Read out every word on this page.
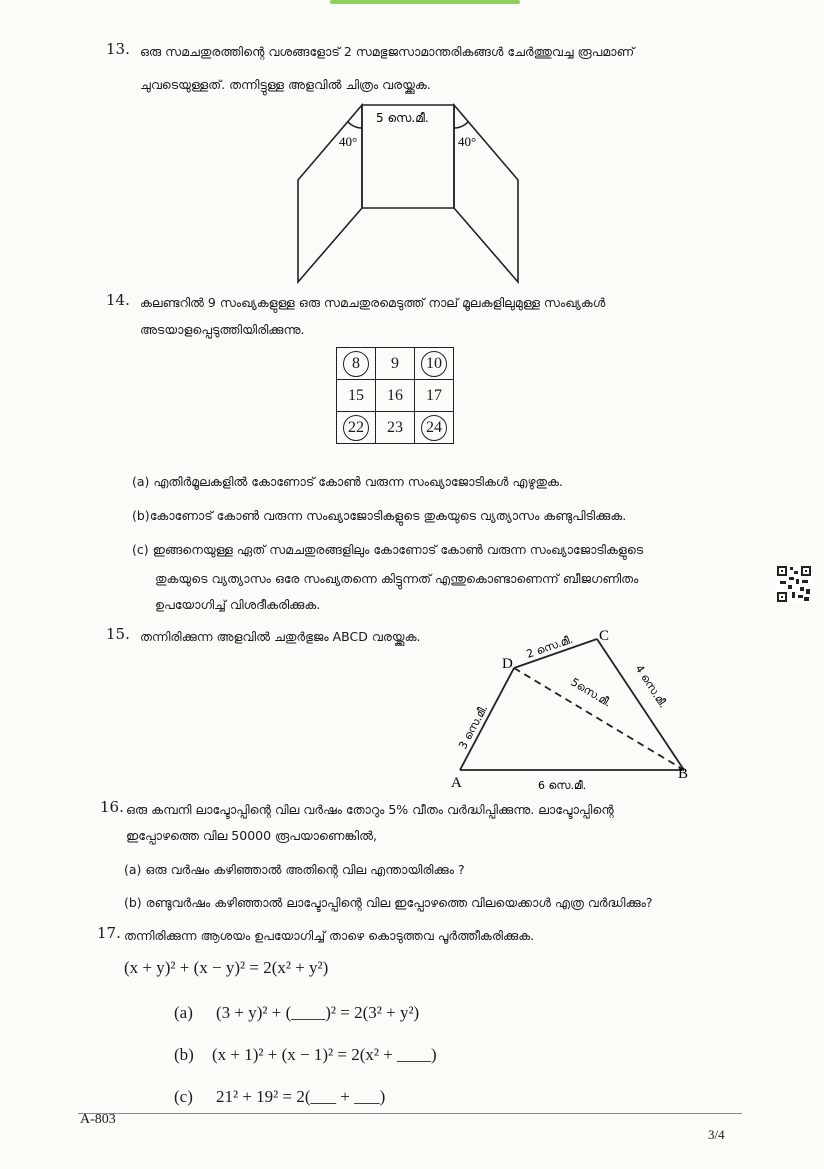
13. ഒരു സമചതുരത്തിന്റെ വശങ്ങളോട് 2 സമഭുജസാമാന്തരികങ്ങൾ ചേർത്തുവച്ച രൂപമാണ്
ചുവടെയുള്ളത്. തന്നിട്ടുള്ള അളവിൽ ചിത്രം വരയ്ക്കുക.
5 സെ.മീ.
40°	40°
14. കലണ്ടറിൽ 9 സംഖ്യകളുള്ള ഒരു സമചതുരമെടുത്ത് നാല് മൂലകളിലുമുള്ള സംഖ്യകൾ
അടയാളപ്പെടുത്തിയിരിക്കുന്നു.
8	9	10
15	16	17
22	23	24
(a) എതിർമൂലകളിൽ കോണോട് കോൺ വരുന്ന സംഖ്യാജോടികൾ എഴുതുക.
(b)കോണോട് കോൺ വരുന്ന സംഖ്യാജോടികളുടെ തുകയുടെ വ്യത്യാസം കണ്ടുപിടിക്കുക.
(c) ഇങ്ങനെയുള്ള ഏത് സമചതുരങ്ങളിലും കോണോട് കോൺ വരുന്ന സംഖ്യാജോടികളുടെ
തുകയുടെ വ്യത്യാസം ഒരേ സംഖ്യതന്നെ കിട്ടുന്നത് എന്തുകൊണ്ടാണെന്ന് ബീജഗണിതം
ഉപയോഗിച്ച് വിശദീകരിക്കുക.
15. തന്നിരിക്കുന്ന അളവിൽ ചതുർഭുജം ABCD വരയ്ക്കുക.
A
B
C
D
2 സെ.മീ.
4 സെ.മീ.
5സെ.മീ.
3 സെ.മീ.
6 സെ.മീ.
16. ഒരു കമ്പനി ലാപ്ടോപ്പിന്റെ വില വർഷം തോറും 5% വീതം വർദ്ധിപ്പിക്കുന്നു. ലാപ്ടോപ്പിന്റെ
ഇപ്പോഴത്തെ വില 50000 രൂപയാണെങ്കിൽ,
(a) ഒരു വർഷം കഴിഞ്ഞാൽ അതിന്റെ വില എന്തായിരിക്കും ?
(b) രണ്ടുവർഷം കഴിഞ്ഞാൽ ലാപ്ടോപ്പിന്റെ വില ഇപ്പോഴത്തെ വിലയെക്കാൾ എത്ര വർദ്ധിക്കും?
17. തന്നിരിക്കുന്ന ആശയം ഉപയോഗിച്ച് താഴെ കൊടുത്തവ പൂർത്തീകരിക്കുക.
(x + y)² + (x − y)² = 2(x² + y²)
(a) (3 + y)² + (____)² = 2(3² + y²)
(b) (x + 1)² + (x − 1)² = 2(x² + ____)
(c) 21² + 19² = 2(___ + ___)
A-803
3/4
